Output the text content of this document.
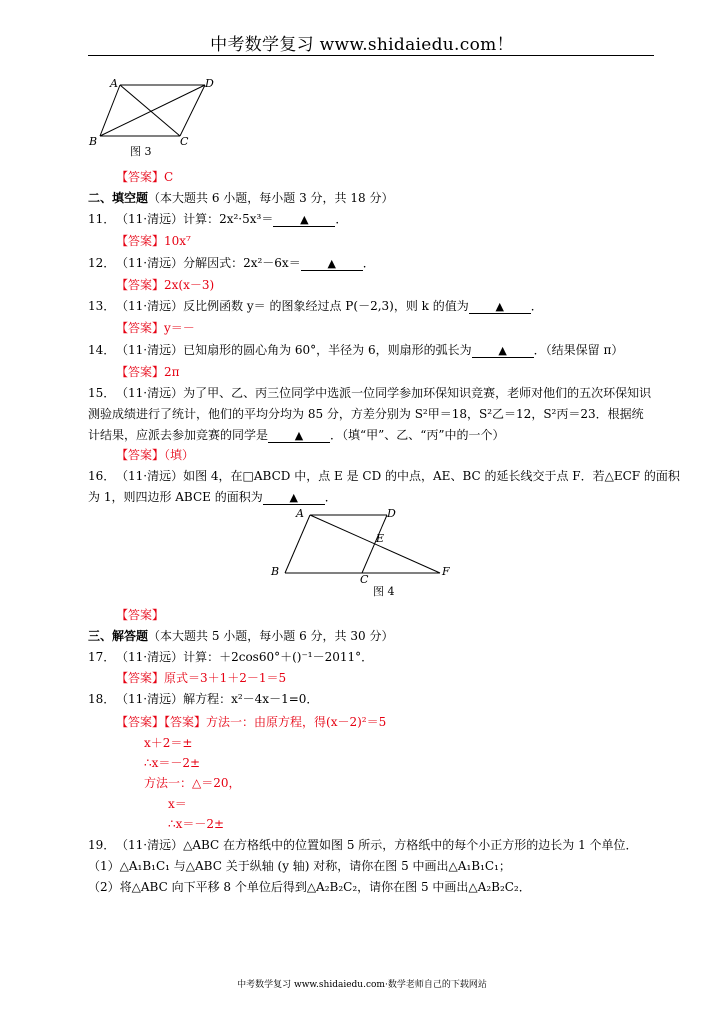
中考数学复习 www.shidaiedu.com！
A	D
B	C
图 3
【答案】C
二、填空题（本大题共 6 小题，每小题 3 分，共 18 分）
11．（11·清远）计算：2x²·5x³＝ ▲ ．
【答案】10x⁷
12．（11·清远）分解因式：2x²－6x＝ ▲ ．
【答案】2x(x－3)
13．（11·清远）反比例函数 y＝ 的图象经过点 P(－2,3)，则 k 的值为 ▲ ．
【答案】y＝－
14．（11·清远）已知扇形的圆心角为 60°，半径为 6，则扇形的弧长为 ▲ ．（结果保留 π）
【答案】2π
15．（11·清远）为了甲、乙、丙三位同学中选派一位同学参加环保知识竞赛，老师对他们的五次环保知识
测验成绩进行了统计，他们的平均分均为 85 分，方差分别为 S²甲＝18，S²乙＝12，S²丙＝23．根据统
计结果，应派去参加竞赛的同学是 ▲ ．（填“甲”、乙、“丙”中的一个）
【答案】（填）
16．（11·清远）如图 4，在□ABCD 中，点 E 是 CD 的中点，AE、BC 的延长线交于点 F．若△ECF 的面积
为 1，则四边形 ABCE 的面积为 ▲ ．
A	D
E
B
C
F
图 4
【答案】
三、解答题（本大题共 5 小题，每小题 6 分，共 30 分）
17．（11·清远）计算：＋2cos60°＋()⁻¹－2011°．
【答案】原式＝3＋1＋2－1＝5
18．（11·清远）解方程：x²－4x－1=0．
【答案】【答案】方法一：由原方程，得(x－2)²＝5
x＋2＝±
∴x＝－2±
方法一：△＝20，
x＝
∴x＝－2±
19．（11·清远）△ABC 在方格纸中的位置如图 5 所示，方格纸中的每个小正方形的边长为 1 个单位．
（1）△A₁B₁C₁ 与△ABC 关于纵轴 (y 轴) 对称，请你在图 5 中画出△A₁B₁C₁；
（2）将△ABC 向下平移 8 个单位后得到△A₂B₂C₂，请你在图 5 中画出△A₂B₂C₂．
中考数学复习 www.shidaiedu.com·数学老师自己的下载网站
